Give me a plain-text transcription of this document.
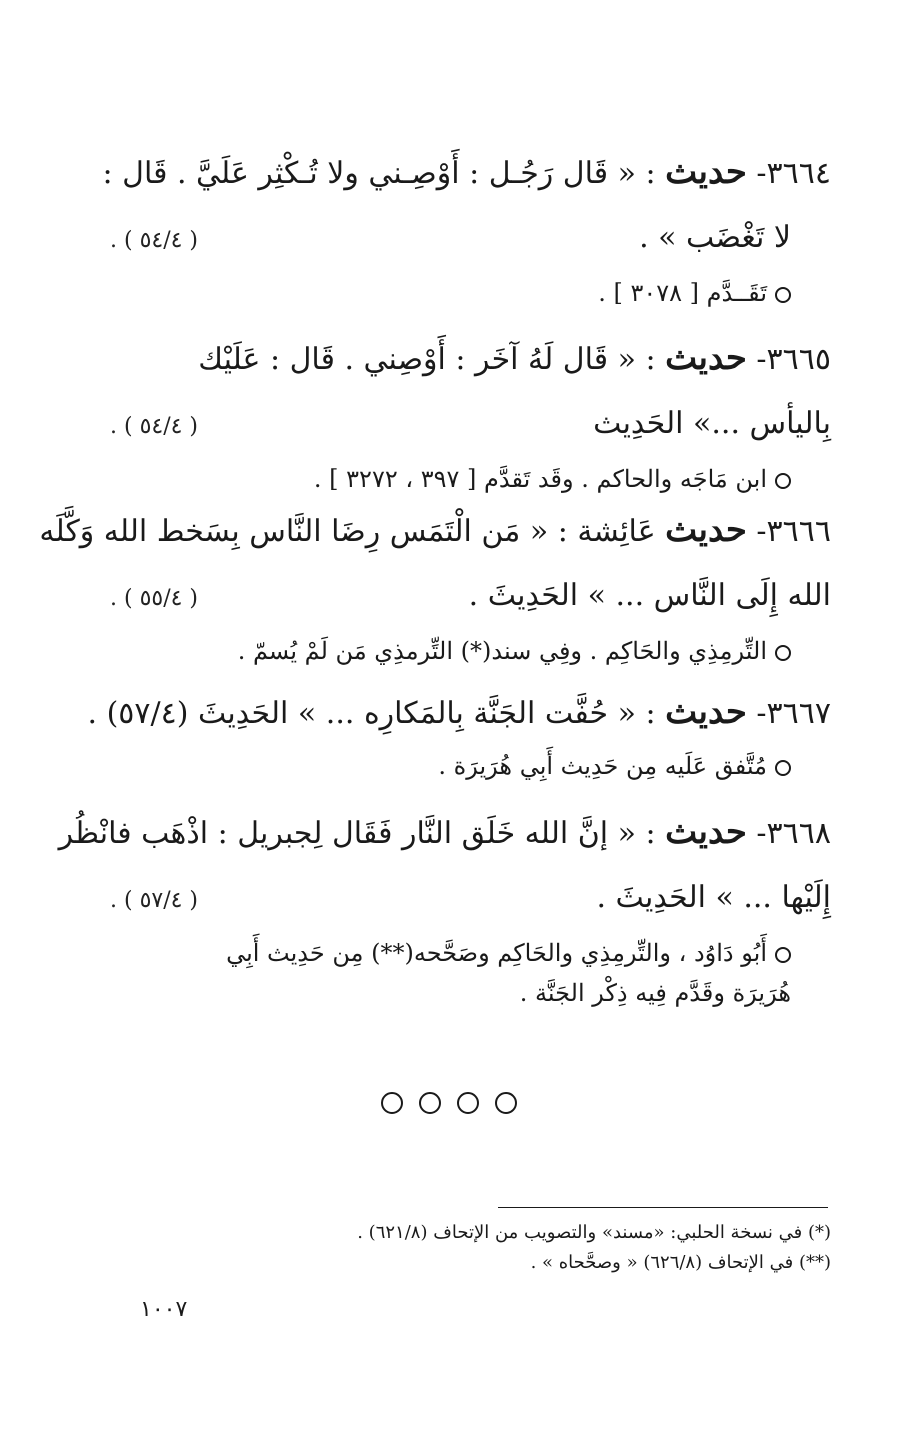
٣٦٦٤- حديث : « قَال رَجُـل : أَوْصِـني ولا تُـكْثِر عَلَيَّ . قَال :
لا تَغْضَب » .
( ٥٤/٤ ) .
تَقَــدَّم [ ٣٠٧٨ ] .
٣٦٦٥- حديث : « قَال لَهُ آخَر : أَوْصِني . قَال : عَلَيْك
بِاليأس ...» الحَدِيث
( ٥٤/٤ ) .
ابن مَاجَه والحاكم . وقَد تَقدَّم [ ٣٩٧ ، ٣٢٧٢ ] .
٣٦٦٦- حديث عَائِشة : « مَن الْتَمَس رِضَا النَّاس بِسَخط الله وَكَّلَه
الله إِلَى النَّاس ... » الحَدِيثَ .
( ٥٥/٤ ) .
التِّرمِذِي والحَاكِم . وفِي سند(*) التِّرمذِي مَن لَمْ يُسمّ .
٣٦٦٧- حديث : « حُفَّت الجَنَّة بِالمَكارِه ... » الحَدِيثَ (٥٧/٤) .
مُتَّفق عَلَيه مِن حَدِيث أَبِي هُرَيرَة .
٣٦٦٨- حديث : « إنَّ الله خَلَق النَّار فَقَال لِجبريل : اذْهَب فانْظُر
إِلَيْها ... » الحَدِيثَ .
( ٥٧/٤ ) .
أَبُو دَاوُد ، والتِّرمِذِي والحَاكِم وصَحَّحه(**) مِن حَدِيث أَبِي هُرَيرَة وقَدَّم فِيه ذِكْر الجَنَّة .
(*) في نسخة الحلبي: «مسند» والتصويب من الإتحاف (٦٢١/٨) .
(**) في الإتحاف (٦٢٦/٨) « وصحَّحاه » .
١٠٠٧
